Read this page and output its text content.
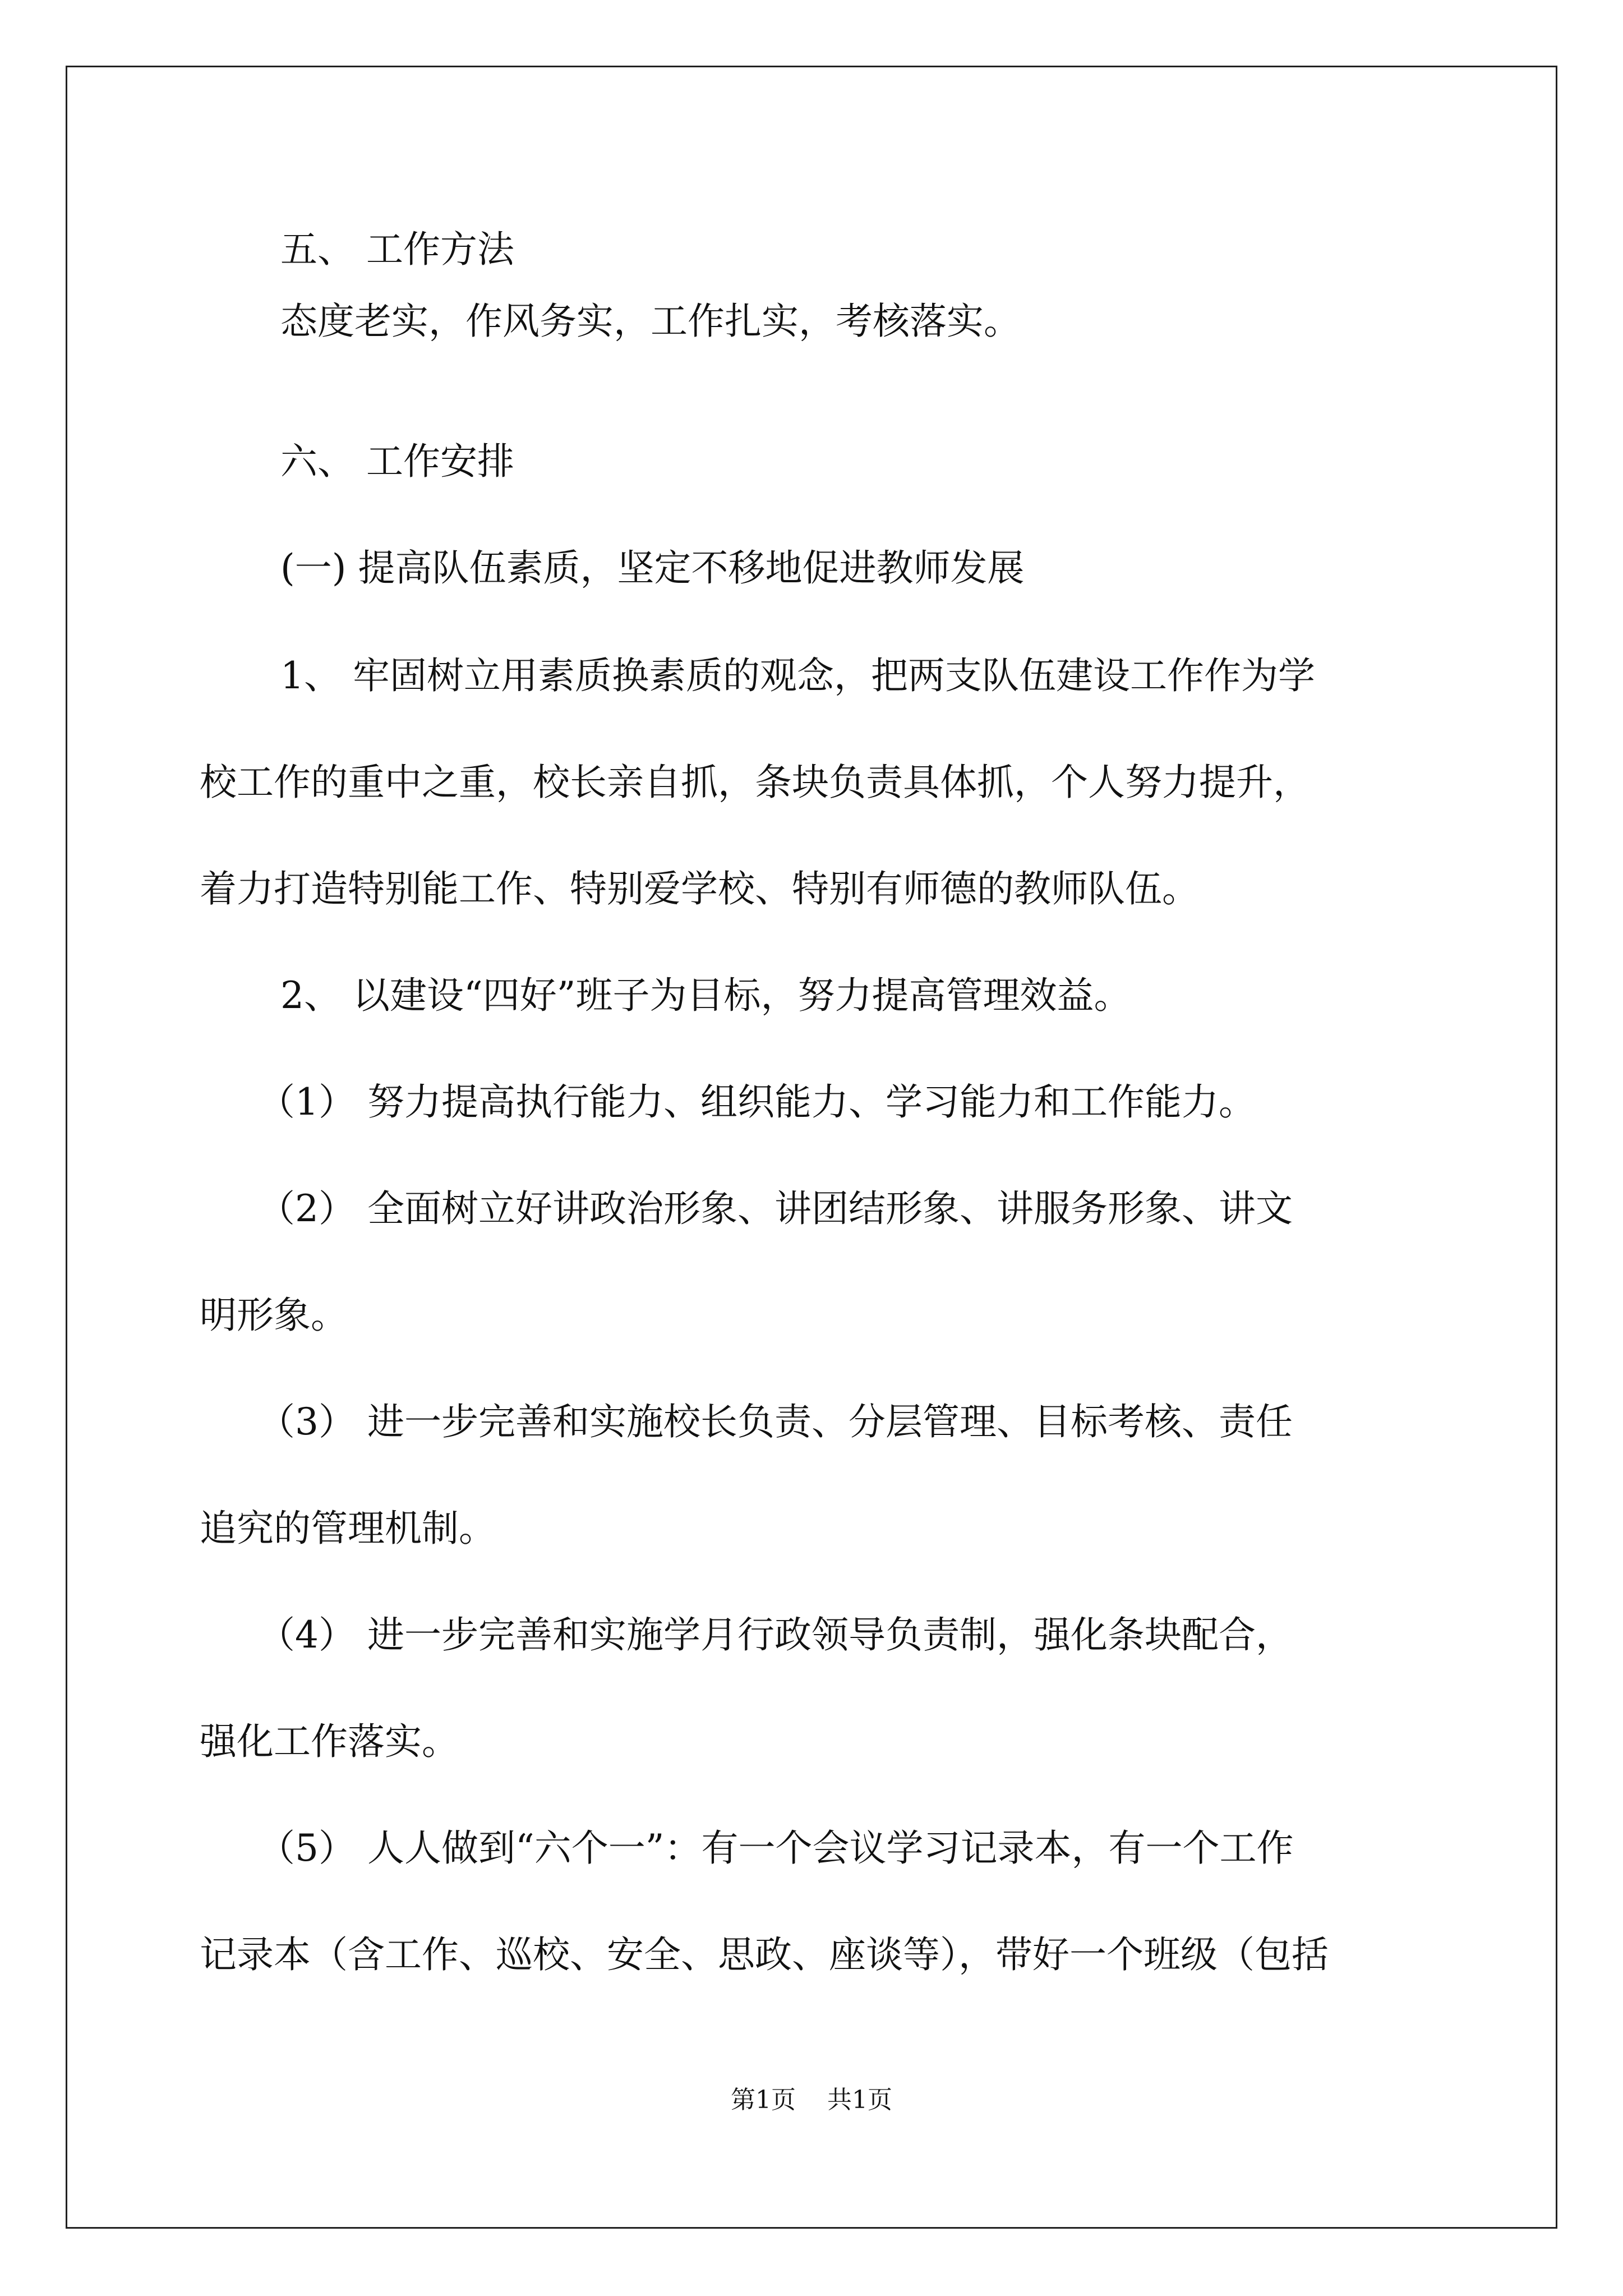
五、 工作方法
态度老实，作风务实，工作扎实，考核落实。
六、 工作安排
(一) 提高队伍素质，坚定不移地促进教师发展
1、 牢固树立用素质换素质的观念，把两支队伍建设工作作为学
校工作的重中之重，校长亲自抓，条块负责具体抓，个人努力提升，
着力打造特别能工作、特别爱学校、特别有师德的教师队伍。
2、 以建设“四好”班子为目标，努力提高管理效益。
（1） 努力提高执行能力、组织能力、学习能力和工作能力。
（2） 全面树立好讲政治形象、讲团结形象、讲服务形象、讲文
明形象。
（3） 进一步完善和实施校长负责、分层管理、目标考核、责任
追究的管理机制。
（4） 进一步完善和实施学月行政领导负责制，强化条块配合，
强化工作落实。
（5） 人人做到“六个一”：有一个会议学习记录本，有一个工作
记录本（含工作、巡校、安全、思政、座谈等），带好一个班级（包括
第1页 共1页
